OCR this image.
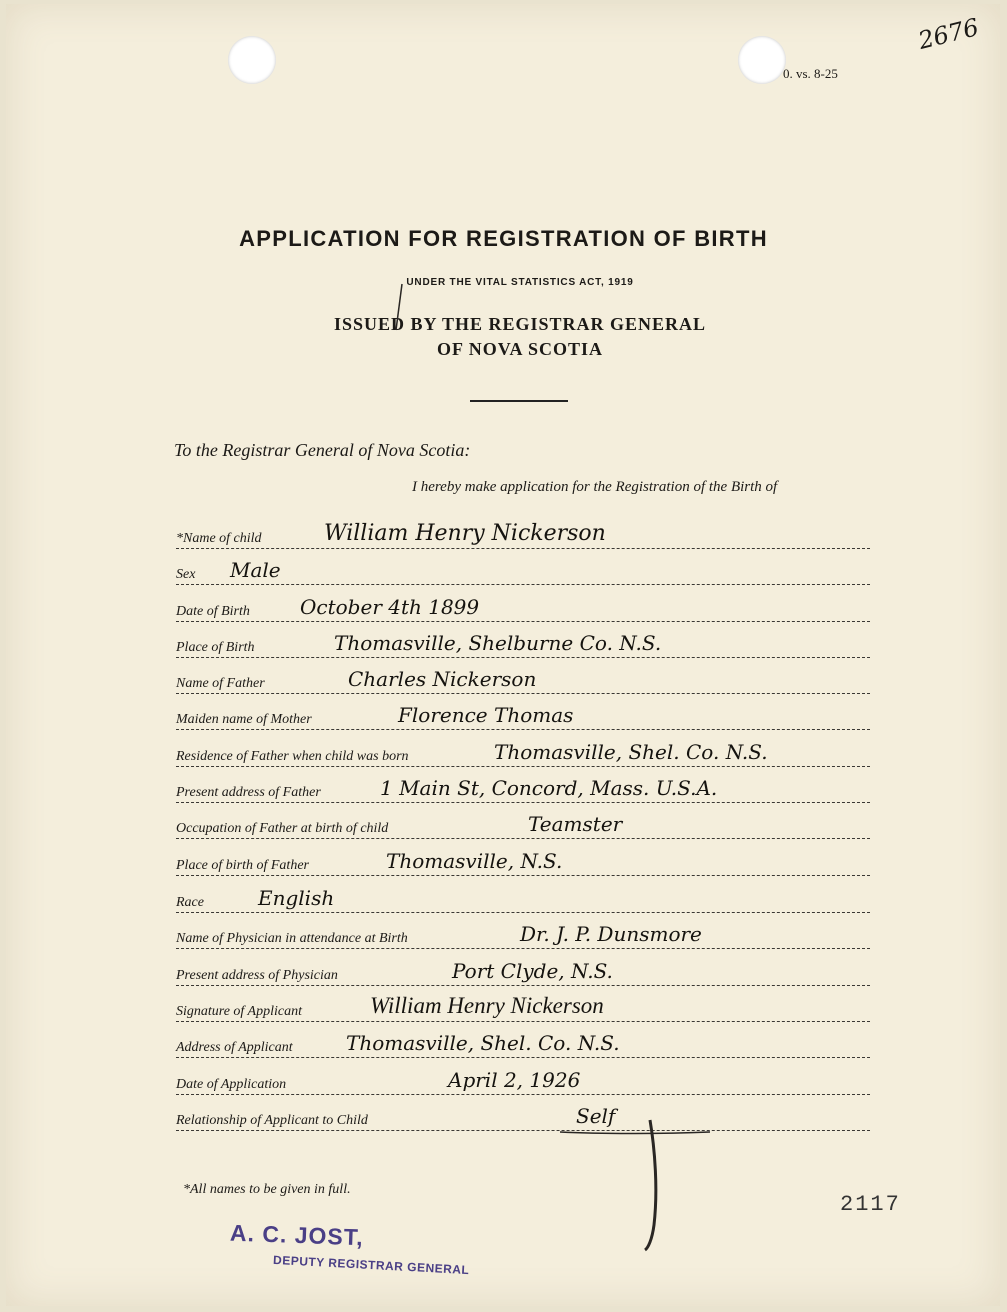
0. vs. 8-25
2676
APPLICATION FOR REGISTRATION OF BIRTH
UNDER THE VITAL STATISTICS ACT, 1919
ISSUED BY THE REGISTRAR GENERAL
OF NOVA SCOTIA
To the Registrar General of Nova Scotia:
I hereby make application for the Registration of the Birth of
*Name of child	William Henry Nickerson
Sex Male
Date of Birth	October 4th 1899
Place of Birth	Thomasville, Shelburne Co. N.S.
Name of Father	Charles Nickerson
Maiden name of Mother	Florence Thomas
Residence of Father when child was born	Thomasville, Shel. Co. N.S.
Present address of Father	1 Main St, Concord, Mass. U.S.A.
Occupation of Father at birth of child	Teamster
Place of birth of Father	Thomasville, N.S.
Race	English
Name of Physician in attendance at Birth	Dr. J. P. Dunsmore
Present address of Physician	Port Clyde, N.S.
Signature of Applicant	William Henry Nickerson
Address of Applicant	Thomasville, Shel. Co. N.S.
Date of Application	April 2, 1926
Relationship of Applicant to Child	Self
*All names to be given in full.
2117
A. C. JOST,
DEPUTY REGISTRAR GENERAL
